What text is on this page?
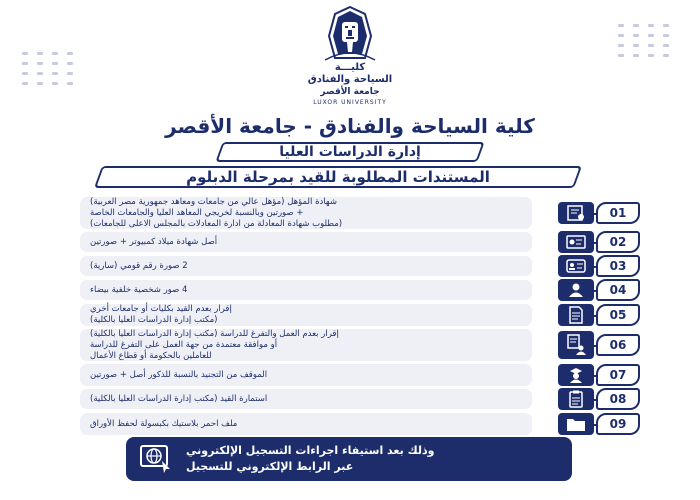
كليـــة
السياحة والفنادق
جامعة الأقصر
LUXOR UNIVERSITY
كلية السياحة والفنادق - جامعة الأقصر
إدارة الدراسات العليا
المستندات المطلوبة للقيد بمرحلة الدبلوم
شهادة المؤهل (مؤهل عالي من جامعات ومعاهد جمهورية مصر العربية)
+ صورتين وبالنسبة لخريجي المعاهد العليا والجامعات الخاصة
(مطلوب شهادة المعادلة من ادارة المعادلات بالمجلس الاعلى للجامعات)
01
أصل شهادة ميلاد كمبيوتر + صورتين	02
2 صورة رقم قومي (سارية)	03
4 صور شخصية خلفية بيضاء	04
إقرار بعدم القيد بكليات أو جامعات أخري
(مكتب إدارة الدراسات العليا بالكلية)	05
إقرار بعدم العمل والتفرغ للدراسة (مكتب إدارة الدراسات العليا بالكلية)
أو موافقة معتمدة من جهة العمل على التفرغ للدراسة
للعاملين بالحكومة أو قطاع الأعمال
06
الموقف من التجنيد بالنسبة للذكور أصل + صورتين	07
استمارة القيد (مكتب إدارة الدراسات العليا بالكلية)	08
ملف احمر بلاستيك بكبسولة لحفظ الأوراق	09
وذلك بعد استيفاء اجراءات التسجيل الإلكتروني
عبر الرابط الإلكتروني للتسجيل
